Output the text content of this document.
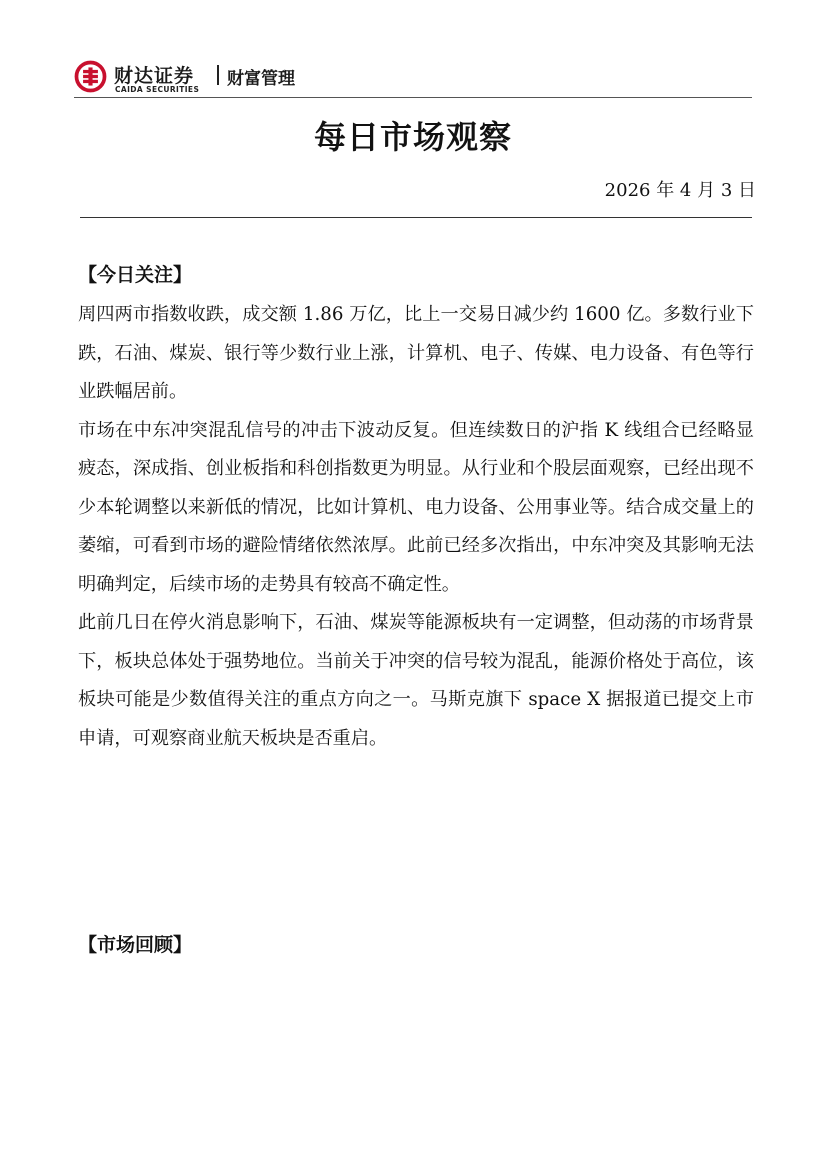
财达证券
CAIDA SECURITIES
财富管理
每日市场观察
2026 年 4 月 3 日
【今日关注】

周四两市指数收跌，成交额 1.86 万亿，比上一交易日减少约 1600 亿。多数行业下跌，石油、煤炭、银行等少数行业上涨，计算机、电子、传媒、电力设备、有色等行业跌幅居前。

市场在中东冲突混乱信号的冲击下波动反复。但连续数日的沪指 K 线组合已经略显疲态，深成指、创业板指和科创指数更为明显。从行业和个股层面观察，已经出现不少本轮调整以来新低的情况，比如计算机、电力设备、公用事业等。结合成交量上的萎缩，可看到市场的避险情绪依然浓厚。此前已经多次指出，中东冲突及其影响无法明确判定，后续市场的走势具有较高不确定性。

此前几日在停火消息影响下，石油、煤炭等能源板块有一定调整，但动荡的市场背景下，板块总体处于强势地位。当前关于冲突的信号较为混乱，能源价格处于高位，该板块可能是少数值得关注的重点方向之一。马斯克旗下 space X 据报道已提交上市申请，可观察商业航天板块是否重启。

【市场回顾】
